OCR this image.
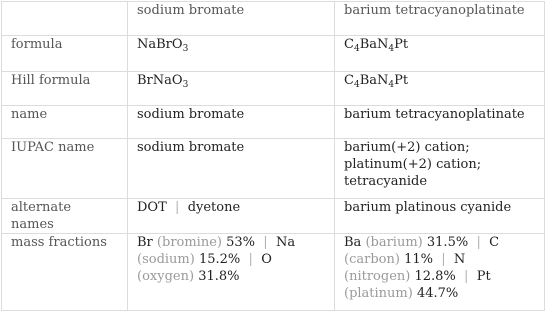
	sodium bromate	barium tetracyanoplatinate
formula	NaBrO$_3$	$C_4BaN_4Pt$
Hill formula	BrNaO$_3$	$C_4BaN_4Pt$
name	sodium bromate	barium tetracyanoplatinate
IUPAC name	sodium bromate	barium(+2) cation;
platinum(+2) cation;
tetracyanide
alternate names	DOT | dyetone	barium platinous cyanide
mass fractions	Br (bromine) 53% | Na (sodium) 15.2% | O (oxygen) 31.8%	Ba (barium) 31.5% | C (carbon) 11% | N (nitrogen) 12.8% | Pt (platinum) 44.7%
